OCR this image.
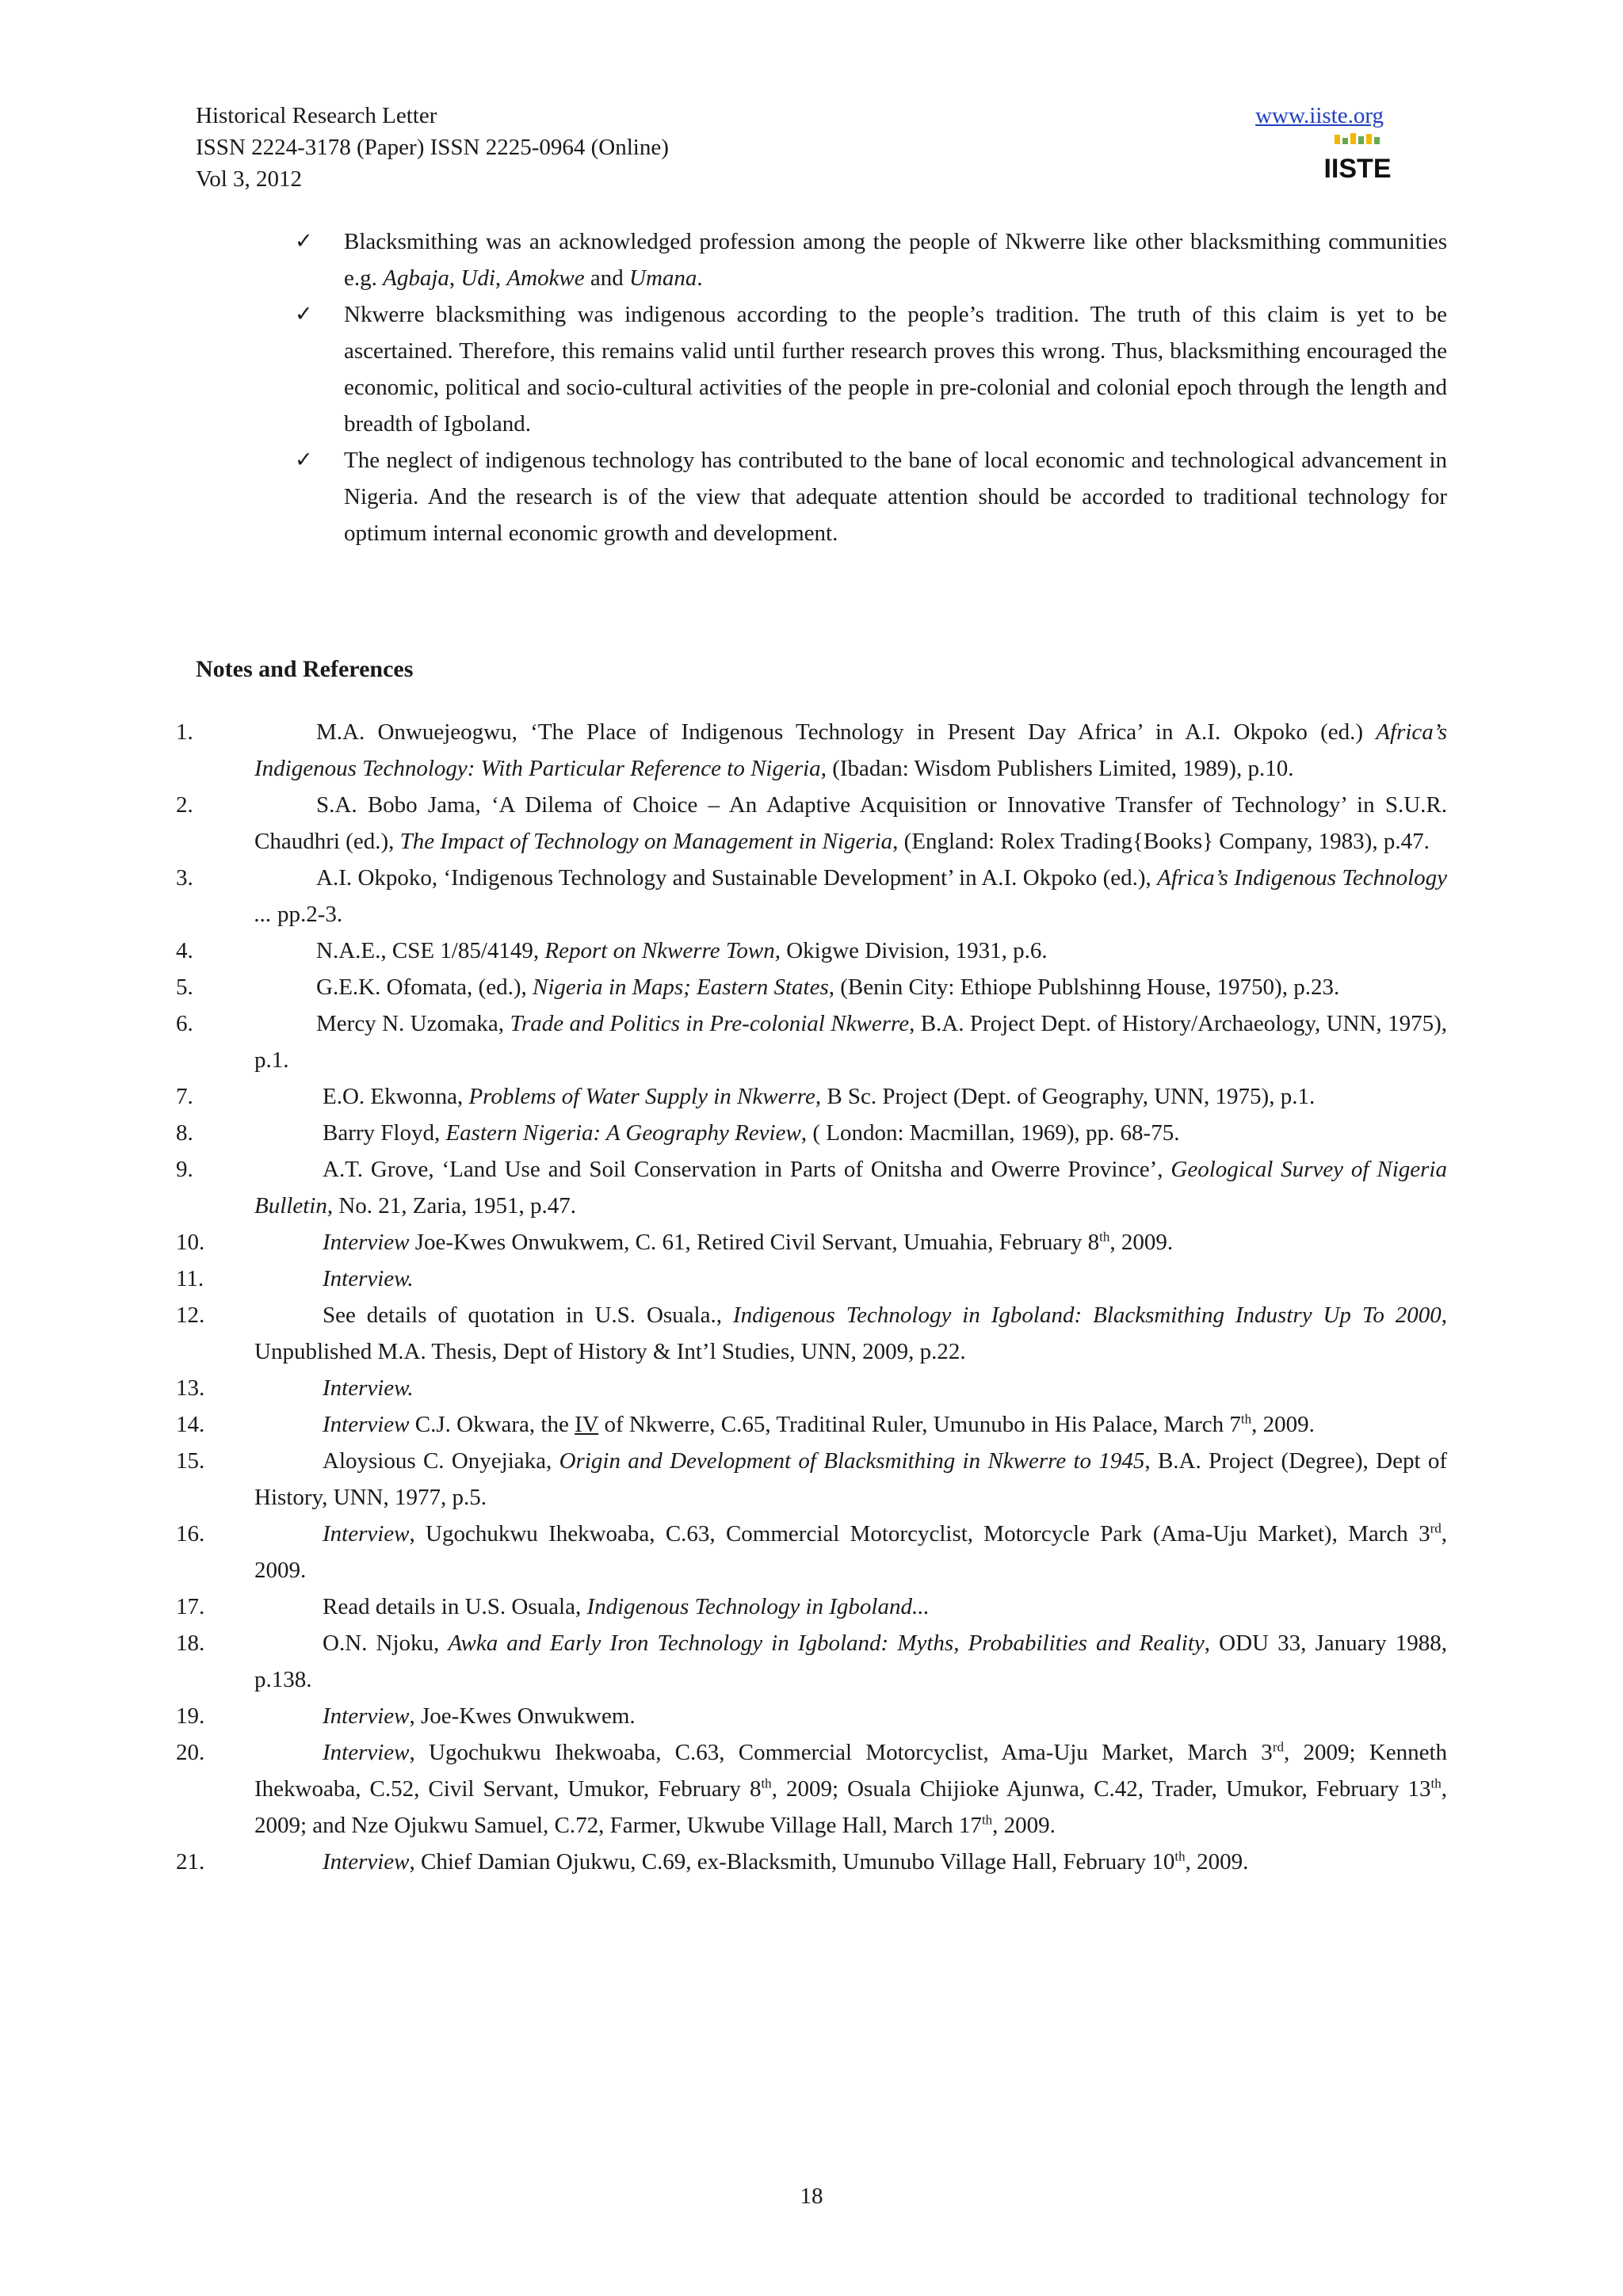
Historical Research Letter
ISSN 2224-3178 (Paper) ISSN 2225-0964 (Online)
Vol 3, 2012
www.iiste.org
IISTE
✓ Blacksmithing was an acknowledged profession among the people of Nkwerre like other blacksmithing communities e.g. Agbaja, Udi, Amokwe and Umana.
✓ Nkwerre blacksmithing was indigenous according to the people’s tradition. The truth of this claim is yet to be ascertained. Therefore, this remains valid until further research proves this wrong. Thus, blacksmithing encouraged the economic, political and socio-cultural activities of the people in pre-colonial and colonial epoch through the length and breadth of Igboland.
✓ The neglect of indigenous technology has contributed to the bane of local economic and technological advancement in Nigeria. And the research is of the view that adequate attention should be accorded to traditional technology for optimum internal economic growth and development.
Notes and References
1.	M.A. Onwuejeogwu, ‘The Place of Indigenous Technology in Present Day Africa’ in A.I. Okpoko (ed.) Africa’s Indigenous Technology: With Particular Reference to Nigeria, (Ibadan: Wisdom Publishers Limited, 1989), p.10.
2.	S.A. Bobo Jama, ‘A Dilema of Choice – An Adaptive Acquisition or Innovative Transfer of Technology’ in S.U.R. Chaudhri (ed.), The Impact of Technology on Management in Nigeria, (England: Rolex Trading{Books} Company, 1983), p.47.
3.	A.I. Okpoko, ‘Indigenous Technology and Sustainable Development’ in A.I. Okpoko (ed.), Africa’s Indigenous Technology ... pp.2-3.
4.	N.A.E., CSE 1/85/4149, Report on Nkwerre Town, Okigwe Division, 1931, p.6.
5.	G.E.K. Ofomata, (ed.), Nigeria in Maps; Eastern States, (Benin City: Ethiope Publshinng House, 19750), p.23.
6.	Mercy N. Uzomaka, Trade and Politics in Pre-colonial Nkwerre, B.A. Project Dept. of History/Archaeology, UNN, 1975), p.1.
7.	E.O. Ekwonna, Problems of Water Supply in Nkwerre, B Sc. Project (Dept. of Geography, UNN, 1975), p.1.
8.	Barry Floyd, Eastern Nigeria: A Geography Review, ( London: Macmillan, 1969), pp. 68-75.
9.	A.T. Grove, ‘Land Use and Soil Conservation in Parts of Onitsha and Owerre Province’, Geological Survey of Nigeria Bulletin, No. 21, Zaria, 1951, p.47.
10.	Interview Joe-Kwes Onwukwem, C. 61, Retired Civil Servant, Umuahia, February 8th, 2009.
11.	Interview.
12.	See details of quotation in U.S. Osuala., Indigenous Technology in Igboland: Blacksmithing Industry Up To 2000, Unpublished M.A. Thesis, Dept of History & Int’l Studies, UNN, 2009, p.22.
13.	Interview.
14.	Interview C.J. Okwara, the IV of Nkwerre, C.65, Traditinal Ruler, Umunubo in His Palace, March 7th, 2009.
15.	Aloysious C. Onyejiaka, Origin and Development of Blacksmithing in Nkwerre to 1945, B.A. Project (Degree), Dept of History, UNN, 1977, p.5.
16.	Interview, Ugochukwu Ihekwoaba, C.63, Commercial Motorcyclist, Motorcycle Park (Ama-Uju Market), March 3rd, 2009.
17.	Read details in U.S. Osuala, Indigenous Technology in Igboland...
18.	O.N. Njoku, Awka and Early Iron Technology in Igboland: Myths, Probabilities and Reality, ODU 33, January 1988, p.138.
19.	Interview, Joe-Kwes Onwukwem.
20.	Interview, Ugochukwu Ihekwoaba, C.63, Commercial Motorcyclist, Ama-Uju Market, March 3rd, 2009; Kenneth Ihekwoaba, C.52, Civil Servant, Umukor, February 8th, 2009; Osuala Chijioke Ajunwa, C.42, Trader, Umukor, February 13th, 2009; and Nze Ojukwu Samuel, C.72, Farmer, Ukwube Village Hall, March 17th, 2009.
21.	Interview, Chief Damian Ojukwu, C.69, ex-Blacksmith, Umunubo Village Hall, February 10th, 2009.
18
